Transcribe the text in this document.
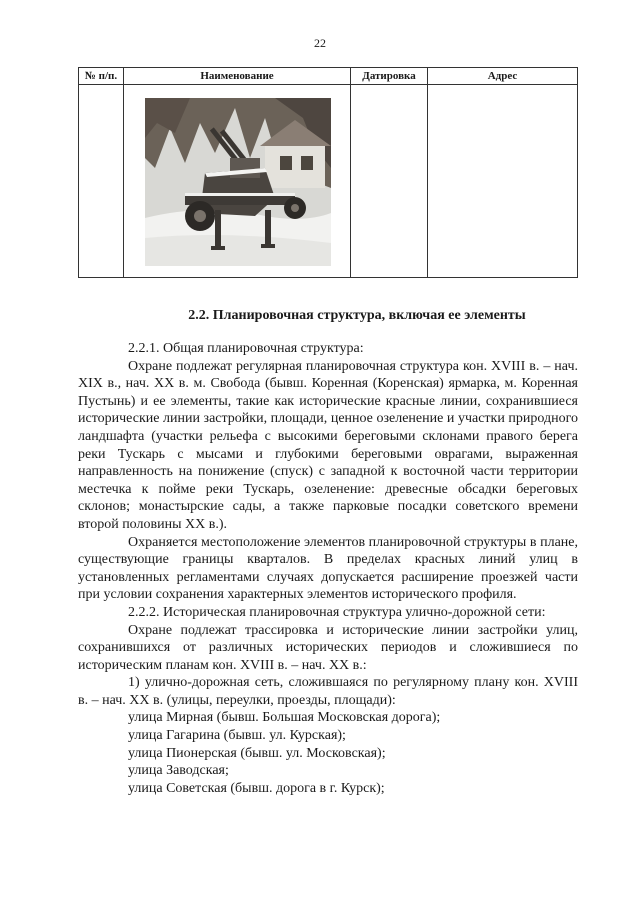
22
№ п/п.	Наименование	Датировка	Адрес

2.2. Планировочная структура, включая ее элементы

2.2.1. Общая планировочная структура:

Охране подлежат регулярная планировочная структура кон. XVIII в. – нач. XIX в., нач. XX в. м. Свобода (бывш. Коренная (Коренская) ярмарка, м. Коренная Пустынь) и ее элементы, такие как исторические красные линии, сохранившиеся исторические линии застройки, площади, ценное озеленение и участки природного ландшафта (участки рельефа с высокими береговыми склонами правого берега реки Тускарь с мысами и глубокими береговыми оврагами, выраженная направленность на понижение (спуск) с западной к восточной части территории местечка к пойме реки Тускарь, озеленение: древесные обсадки береговых склонов; монастырские сады, а также парковые посадки советского времени второй половины XX в.).

Охраняется местоположение элементов планировочной структуры в плане, существующие границы кварталов. В пределах красных линий улиц в установленных регламентами случаях допускается расширение проезжей части при условии сохранения характерных элементов исторического профиля.

2.2.2. Историческая планировочная структура улично-дорожной сети:

Охране подлежат трассировка и исторические линии застройки улиц, сохранившихся от различных исторических периодов и сложившиеся по историческим планам кон. XVIII в. – нач. XX в.:

1) улично-дорожная сеть, сложившаяся по регулярному плану кон. XVIII в. – нач. XX в. (улицы, переулки, проезды, площади):

улица Мирная (бывш. Большая Московская дорога);

улица Гагарина (бывш. ул. Курская);

улица Пионерская (бывш. ул. Московская);

улица Заводская;

улица Советская (бывш. дорога в г. Курск);
